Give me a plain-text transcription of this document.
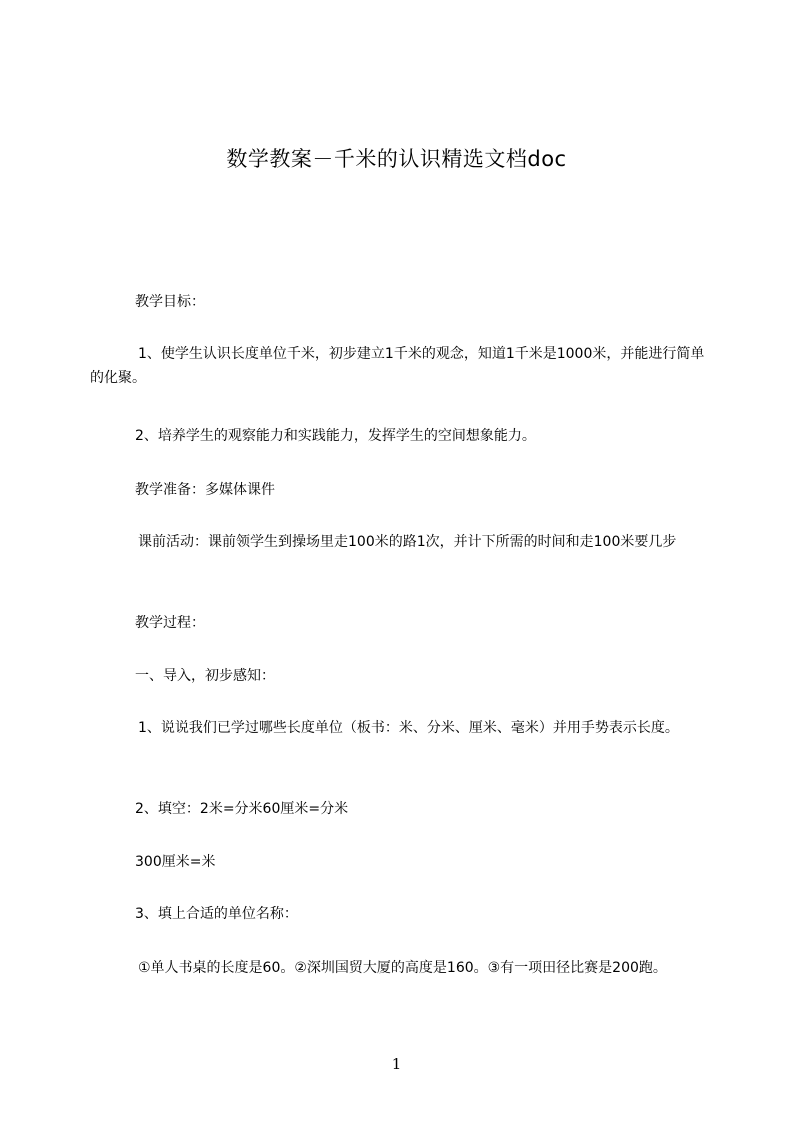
数学教案－千米的认识精选文档doc

教学目标：

1、使学生认识长度单位千米，初步建立1千米的观念，知道1千米是1000米，并能进行简单的化聚。

2、培养学生的观察能力和实践能力，发挥学生的空间想象能力。

教学准备：多媒体课件

课前活动：课前领学生到操场里走100米的路1次，并计下所需的时间和走100米要几步

教学过程：

一、导入，初步感知：

1、说说我们已学过哪些长度单位（板书：米、分米、厘米、毫米）并用手势表示长度。

2、填空：2米=分米60厘米=分米

300厘米=米

3、填上合适的单位名称：

①单人书桌的长度是60。②深圳国贸大厦的高度是160。③有一项田径比赛是200跑。

1
